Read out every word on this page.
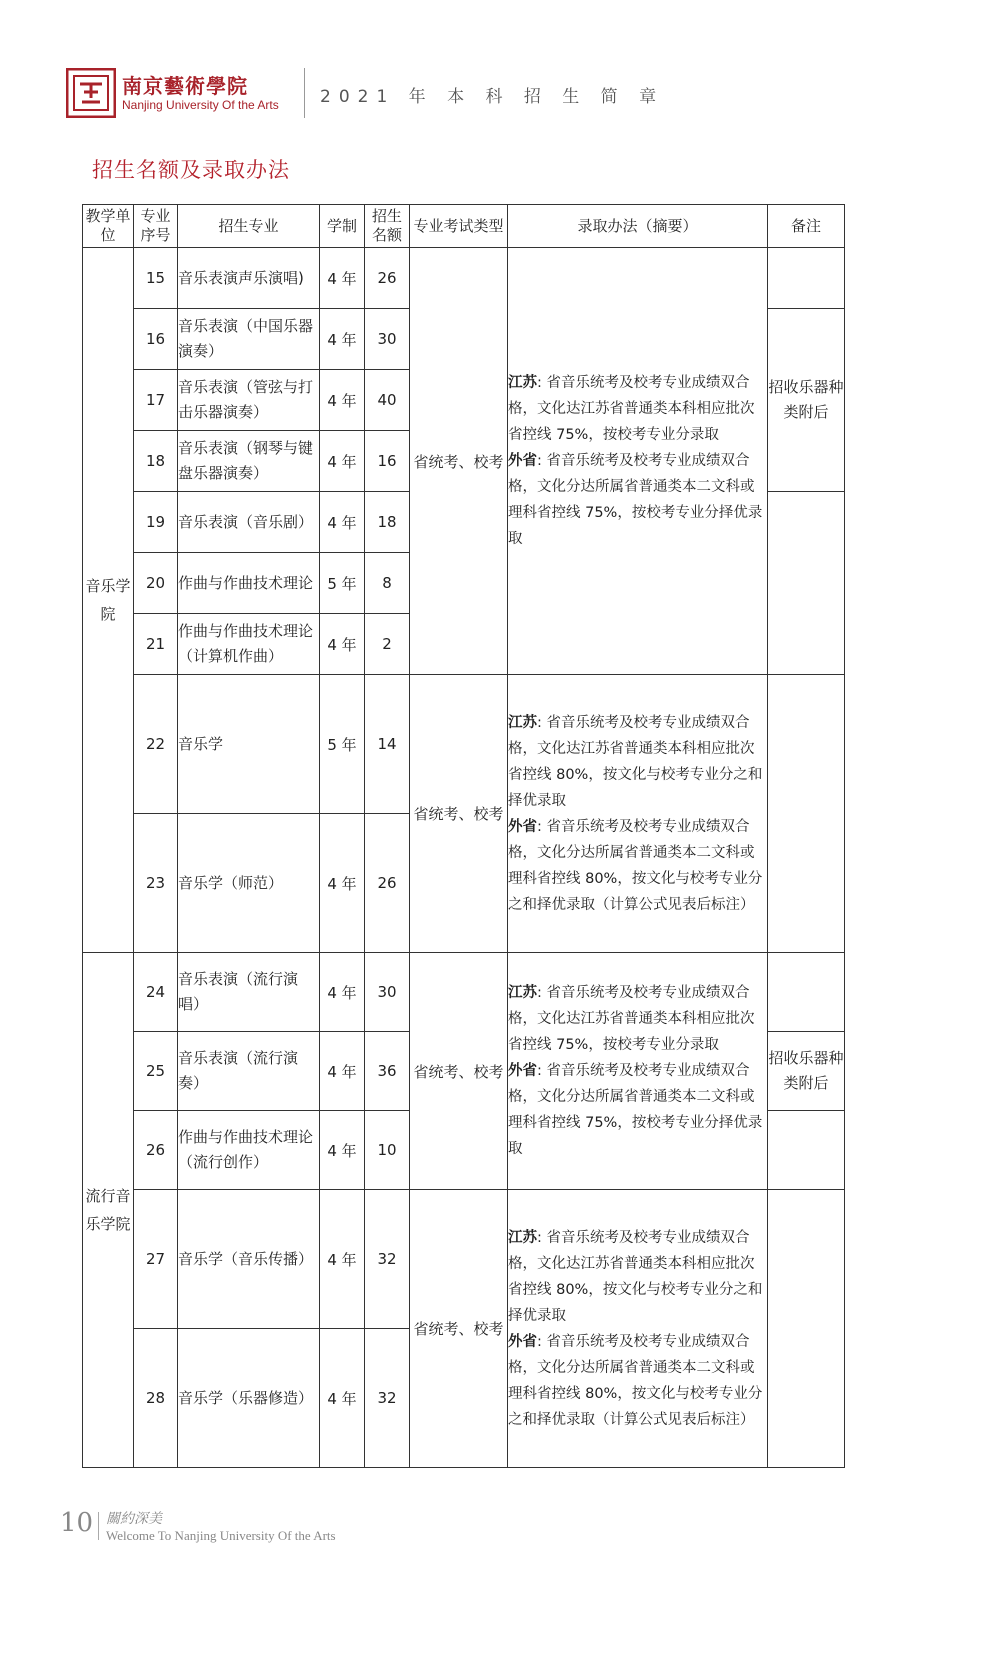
南京藝術學院
Nanjing University Of the Arts 2021 年 本 科 招 生 简 章
招生名额及录取办法
教学单位	专业序号	招生专业	学制	招生名额	专业考试类型	录取办法（摘要）	备注
音乐学院	15	音乐表演声乐演唱)	4 年	26	省统考、校考	江苏: 省音乐统考及校考专业成绩双合格，文化达江苏省普通类本科相应批次省控线 75%，按校考专业分录取
外省: 省音乐统考及校考专业成绩双合格，文化分达所属省普通类本二文科或理科省控线 75%，按校考专业分择优录取	
	16	音乐表演（中国乐器演奏）	4 年	30			招收乐器种类附后
	17	音乐表演（管弦与打击乐器演奏）	4 年	40			
	18	音乐表演（钢琴与键盘乐器演奏）	4 年	16			
	19	音乐表演（音乐剧）	4 年	18			
	20	作曲与作曲技术理论	5 年	8			
	21	作曲与作曲技术理论（计算机作曲）	4 年	2			
	22	音乐学	5 年	14	省统考、校考	江苏: 省音乐统考及校考专业成绩双合格，文化达江苏省普通类本科相应批次省控线 80%，按文化与校考专业分之和择优录取
外省: 省音乐统考及校考专业成绩双合格，文化分达所属省普通类本二文科或理科省控线 80%，按文化与校考专业分之和择优录取（计算公式见表后标注）	
	23	音乐学（师范）	4 年	26			
流行音乐学院	24	音乐表演（流行演唱）	4 年	30	省统考、校考	江苏: 省音乐统考及校考专业成绩双合格，文化达江苏省普通类本科相应批次省控线 75%，按校考专业分录取
外省: 省音乐统考及校考专业成绩双合格，文化分达所属省普通类本二文科或理科省控线 75%，按校考专业分择优录取	
	25	音乐表演（流行演奏）	4 年	36			招收乐器种类附后
	26	作曲与作曲技术理论（流行创作）	4 年	10			
	27	音乐学（音乐传播）	4 年	32	省统考、校考	江苏: 省音乐统考及校考专业成绩双合格，文化达江苏省普通类本科相应批次省控线 80%，按文化与校考专业分之和择优录取
外省: 省音乐统考及校考专业成绩双合格，文化分达所属省普通类本二文科或理科省控线 80%，按文化与校考专业分之和择优录取（计算公式见表后标注）	
	28	音乐学（乐器修造）	4 年	32			
10 關約深美
Welcome To Nanjing University Of the Arts
